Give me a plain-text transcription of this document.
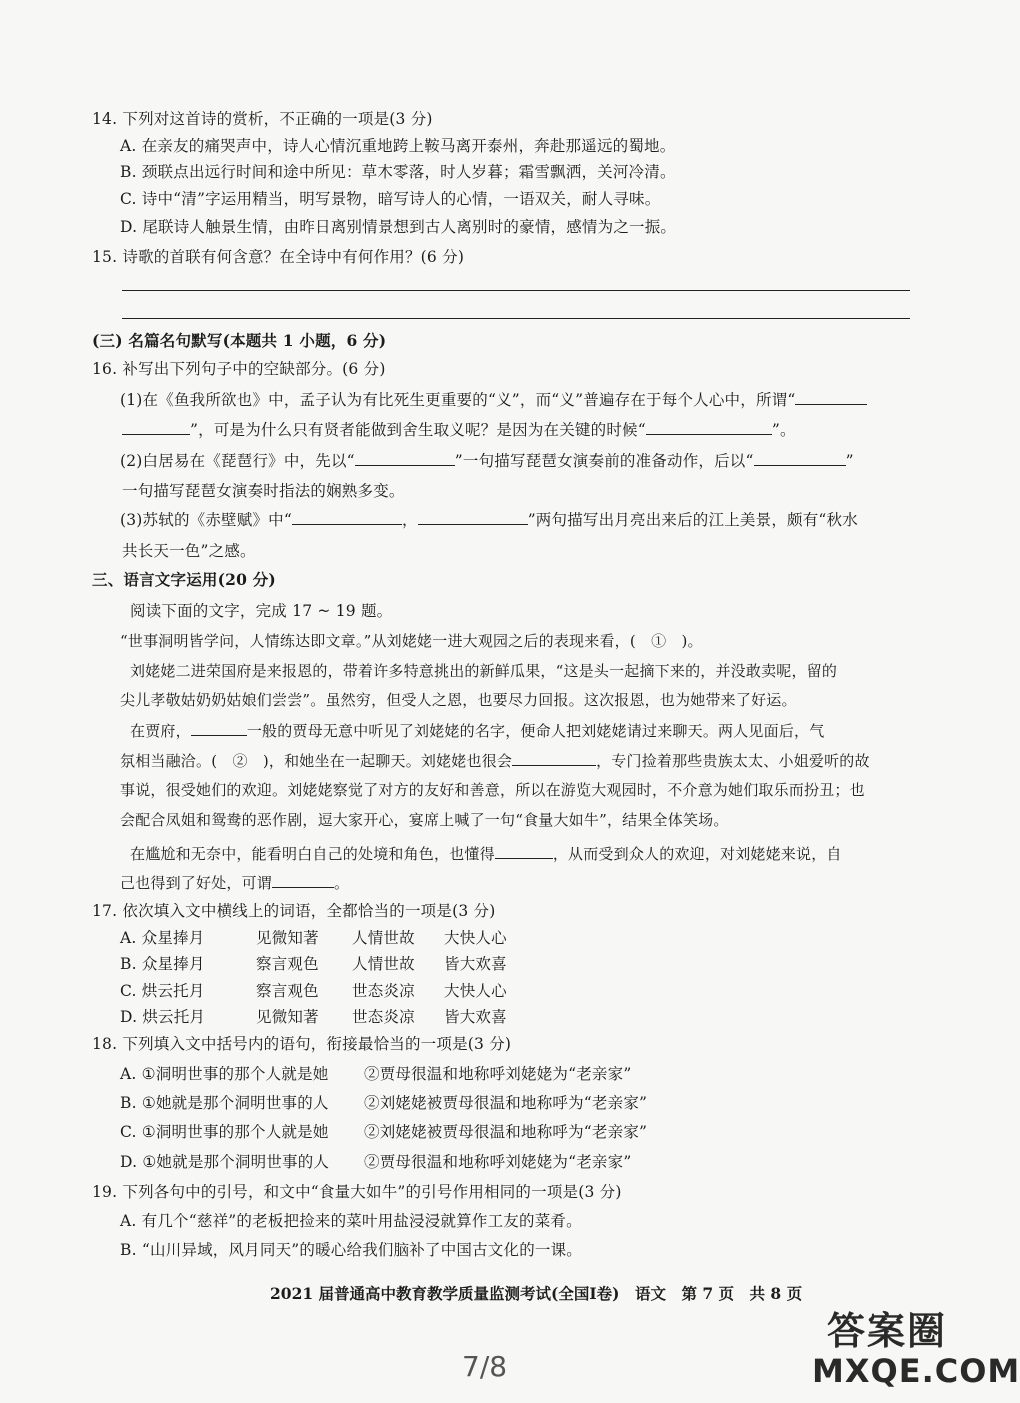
14. 下列对这首诗的赏析，不正确的一项是(3 分)
A. 在亲友的痛哭声中，诗人心情沉重地跨上鞍马离开泰州，奔赴那遥远的蜀地。
B. 颈联点出远行时间和途中所见：草木零落，时人岁暮；霜雪飘洒，关河冷清。
C. 诗中“清”字运用精当，明写景物，暗写诗人的心情，一语双关，耐人寻味。
D. 尾联诗人触景生情，由昨日离别情景想到古人离别时的豪情，感情为之一振。
15. 诗歌的首联有何含意？在全诗中有何作用？(6 分)
(三) 名篇名句默写(本题共 1 小题，6 分)
16. 补写出下列句子中的空缺部分。(6 分)
(1)在《鱼我所欲也》中，孟子认为有比死生更重要的“义”，而“义”普遍存在于每个人心中，所谓“
”，可是为什么只有贤者能做到舍生取义呢？是因为在关键的时候“	”。
(2)白居易在《琵琶行》中，先以“	”一句描写琵琶女演奏前的准备动作，后以“	”
一句描写琵琶女演奏时指法的娴熟多变。
(3)苏轼的《赤壁赋》中“	，	”两句描写出月亮出来后的江上美景，颇有“秋水
共长天一色”之感。
三、语言文字运用(20 分)
阅读下面的文字，完成 17 ~ 19 题。
“世事洞明皆学问，人情练达即文章。”从刘姥姥一进大观园之后的表现来看，(　①　)。
刘姥姥二进荣国府是来报恩的，带着许多特意挑出的新鲜瓜果，“这是头一起摘下来的，并没敢卖呢，留的
尖儿孝敬姑奶奶姑娘们尝尝”。虽然穷，但受人之恩，也要尽力回报。这次报恩，也为她带来了好运。
在贾府，	一般的贾母无意中听见了刘姥姥的名字，便命人把刘姥姥请过来聊天。两人见面后，气
氛相当融洽。(　②　)，和她坐在一起聊天。刘姥姥也很会	，专门捡着那些贵族太太、小姐爱听的故
事说，很受她们的欢迎。刘姥姥察觉了对方的友好和善意，所以在游览大观园时，不介意为她们取乐而扮丑；也
会配合凤姐和鸳鸯的恶作剧，逗大家开心，宴席上喊了一句“食量大如牛”，结果全体笑场。
在尴尬和无奈中，能看明白自己的处境和角色，也懂得	，从而受到众人的欢迎，对刘姥姥来说，自
己也得到了好处，可谓	。
17. 依次填入文中横线上的词语，全都恰当的一项是(3 分)
A. 众星捧月	见微知著 人情世故 大快人心
B. 众星捧月	察言观色 人情世故 皆大欢喜
C. 烘云托月	察言观色 世态炎凉 大快人心
D. 烘云托月	见微知著 世态炎凉 皆大欢喜
18. 下列填入文中括号内的语句，衔接最恰当的一项是(3 分)
A. ①洞明世事的那个人就是她 ②贾母很温和地称呼刘姥姥为“老亲家”
B. ①她就是那个洞明世事的人 ②刘姥姥被贾母很温和地称呼为“老亲家”
C. ①洞明世事的那个人就是她 ②刘姥姥被贾母很温和地称呼为“老亲家”
D. ①她就是那个洞明世事的人 ②贾母很温和地称呼刘姥姥为“老亲家”
19. 下列各句中的引号，和文中“食量大如牛”的引号作用相同的一项是(3 分)
A. 有几个“慈祥”的老板把捡来的菜叶用盐浸浸就算作工友的菜肴。
B. “山川异域，风月同天”的暖心给我们脑补了中国古文化的一课。
2021 届普通高中教育教学质量监测考试(全国Ⅰ卷)　语文　第 7 页　共 8 页
7/8
答案圈
MXQE.COM
